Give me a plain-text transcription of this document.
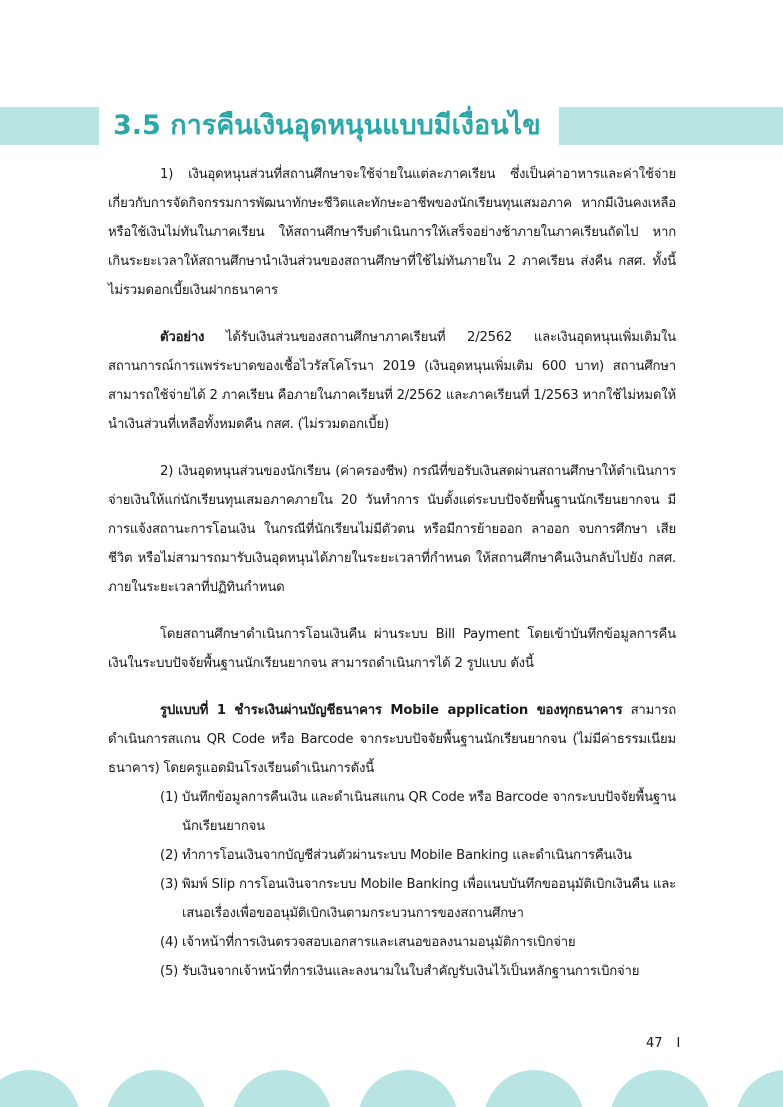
3.5 การคืนเงินอุดหนุนแบบมีเงื่อนไข

1) เงินอุดหนุนส่วนที่สถานศึกษาจะใช้จ่ายในแต่ละภาคเรียน ซึ่งเป็นค่าอาหารและค่าใช้จ่ายเกี่ยวกับการจัดกิจกรรมการพัฒนาทักษะชีวิตและทักษะอาชีพของนักเรียนทุนเสมอภาค หากมีเงินคงเหลือ หรือใช้เงินไม่ทันในภาคเรียน ให้สถานศึกษารีบดำเนินการให้เสร็จอย่างช้าภายในภาคเรียนถัดไป หากเกินระยะเวลาให้สถานศึกษานำเงินส่วนของสถานศึกษาที่ใช้ไม่ทันภายใน 2 ภาคเรียน ส่งคืน กสศ. ทั้งนี้ ไม่รวมดอกเบี้ยเงินฝากธนาคาร

ตัวอย่าง ได้รับเงินส่วนของสถานศึกษาภาคเรียนที่ 2/2562 และเงินอุดหนุนเพิ่มเติมในสถานการณ์การแพร่ระบาดของเชื้อไวรัสโคโรนา 2019 (เงินอุดหนุนเพิ่มเติม 600 บาท) สถานศึกษาสามารถใช้จ่ายได้ 2 ภาคเรียน คือภายในภาคเรียนที่ 2/2562 และภาคเรียนที่ 1/2563 หากใช้ไม่หมดให้นำเงินส่วนที่เหลือทั้งหมดคืน กสศ. (ไม่รวมดอกเบี้ย)

2) เงินอุดหนุนส่วนของนักเรียน (ค่าครองชีพ) กรณีที่ขอรับเงินสดผ่านสถานศึกษาให้ดำเนินการจ่ายเงินให้แก่นักเรียนทุนเสมอภาคภายใน 20 วันทำการ นับตั้งแต่ระบบปัจจัยพื้นฐานนักเรียนยากจน มีการแจ้งสถานะการโอนเงิน ในกรณีที่นักเรียนไม่มีตัวตน หรือมีการย้ายออก ลาออก จบการศึกษา เสียชีวิต หรือไม่สามารถมารับเงินอุดหนุนได้ภายในระยะเวลาที่กำหนด ให้สถานศึกษาคืนเงินกลับไปยัง กสศ. ภายในระยะเวลาที่ปฏิทินกำหนด

โดยสถานศึกษาดำเนินการโอนเงินคืน ผ่านระบบ Bill Payment โดยเข้าบันทึกข้อมูลการคืนเงินในระบบปัจจัยพื้นฐานนักเรียนยากจน สามารถดำเนินการได้ 2 รูปแบบ ดังนี้

รูปแบบที่ 1 ชำระเงินผ่านบัญชีธนาคาร Mobile application ของทุกธนาคาร สามารถดำเนินการสแกน QR Code หรือ Barcode จากระบบปัจจัยพื้นฐานนักเรียนยากจน (ไม่มีค่าธรรมเนียมธนาคาร) โดยครูแอดมินโรงเรียนดำเนินการดังนี้

(1) บันทึกข้อมูลการคืนเงิน และดำเนินสแกน QR Code หรือ Barcode จากระบบปัจจัยพื้นฐานนักเรียนยากจน
(2) ทำการโอนเงินจากบัญชีส่วนตัวผ่านระบบ Mobile Banking และดำเนินการคืนเงิน
(3) พิมพ์ Slip การโอนเงินจากระบบ Mobile Banking เพื่อแนบบันทึกขออนุมัติเบิกเงินคืน และเสนอเรื่องเพื่อขออนุมัติเบิกเงินตามกระบวนการของสถานศึกษา
(4) เจ้าหน้าที่การเงินตรวจสอบเอกสารและเสนอขอลงนามอนุมัติการเบิกจ่าย
(5) รับเงินจากเจ้าหน้าที่การเงินและลงนามในใบสำคัญรับเงินไว้เป็นหลักฐานการเบิกจ่าย
47 I
